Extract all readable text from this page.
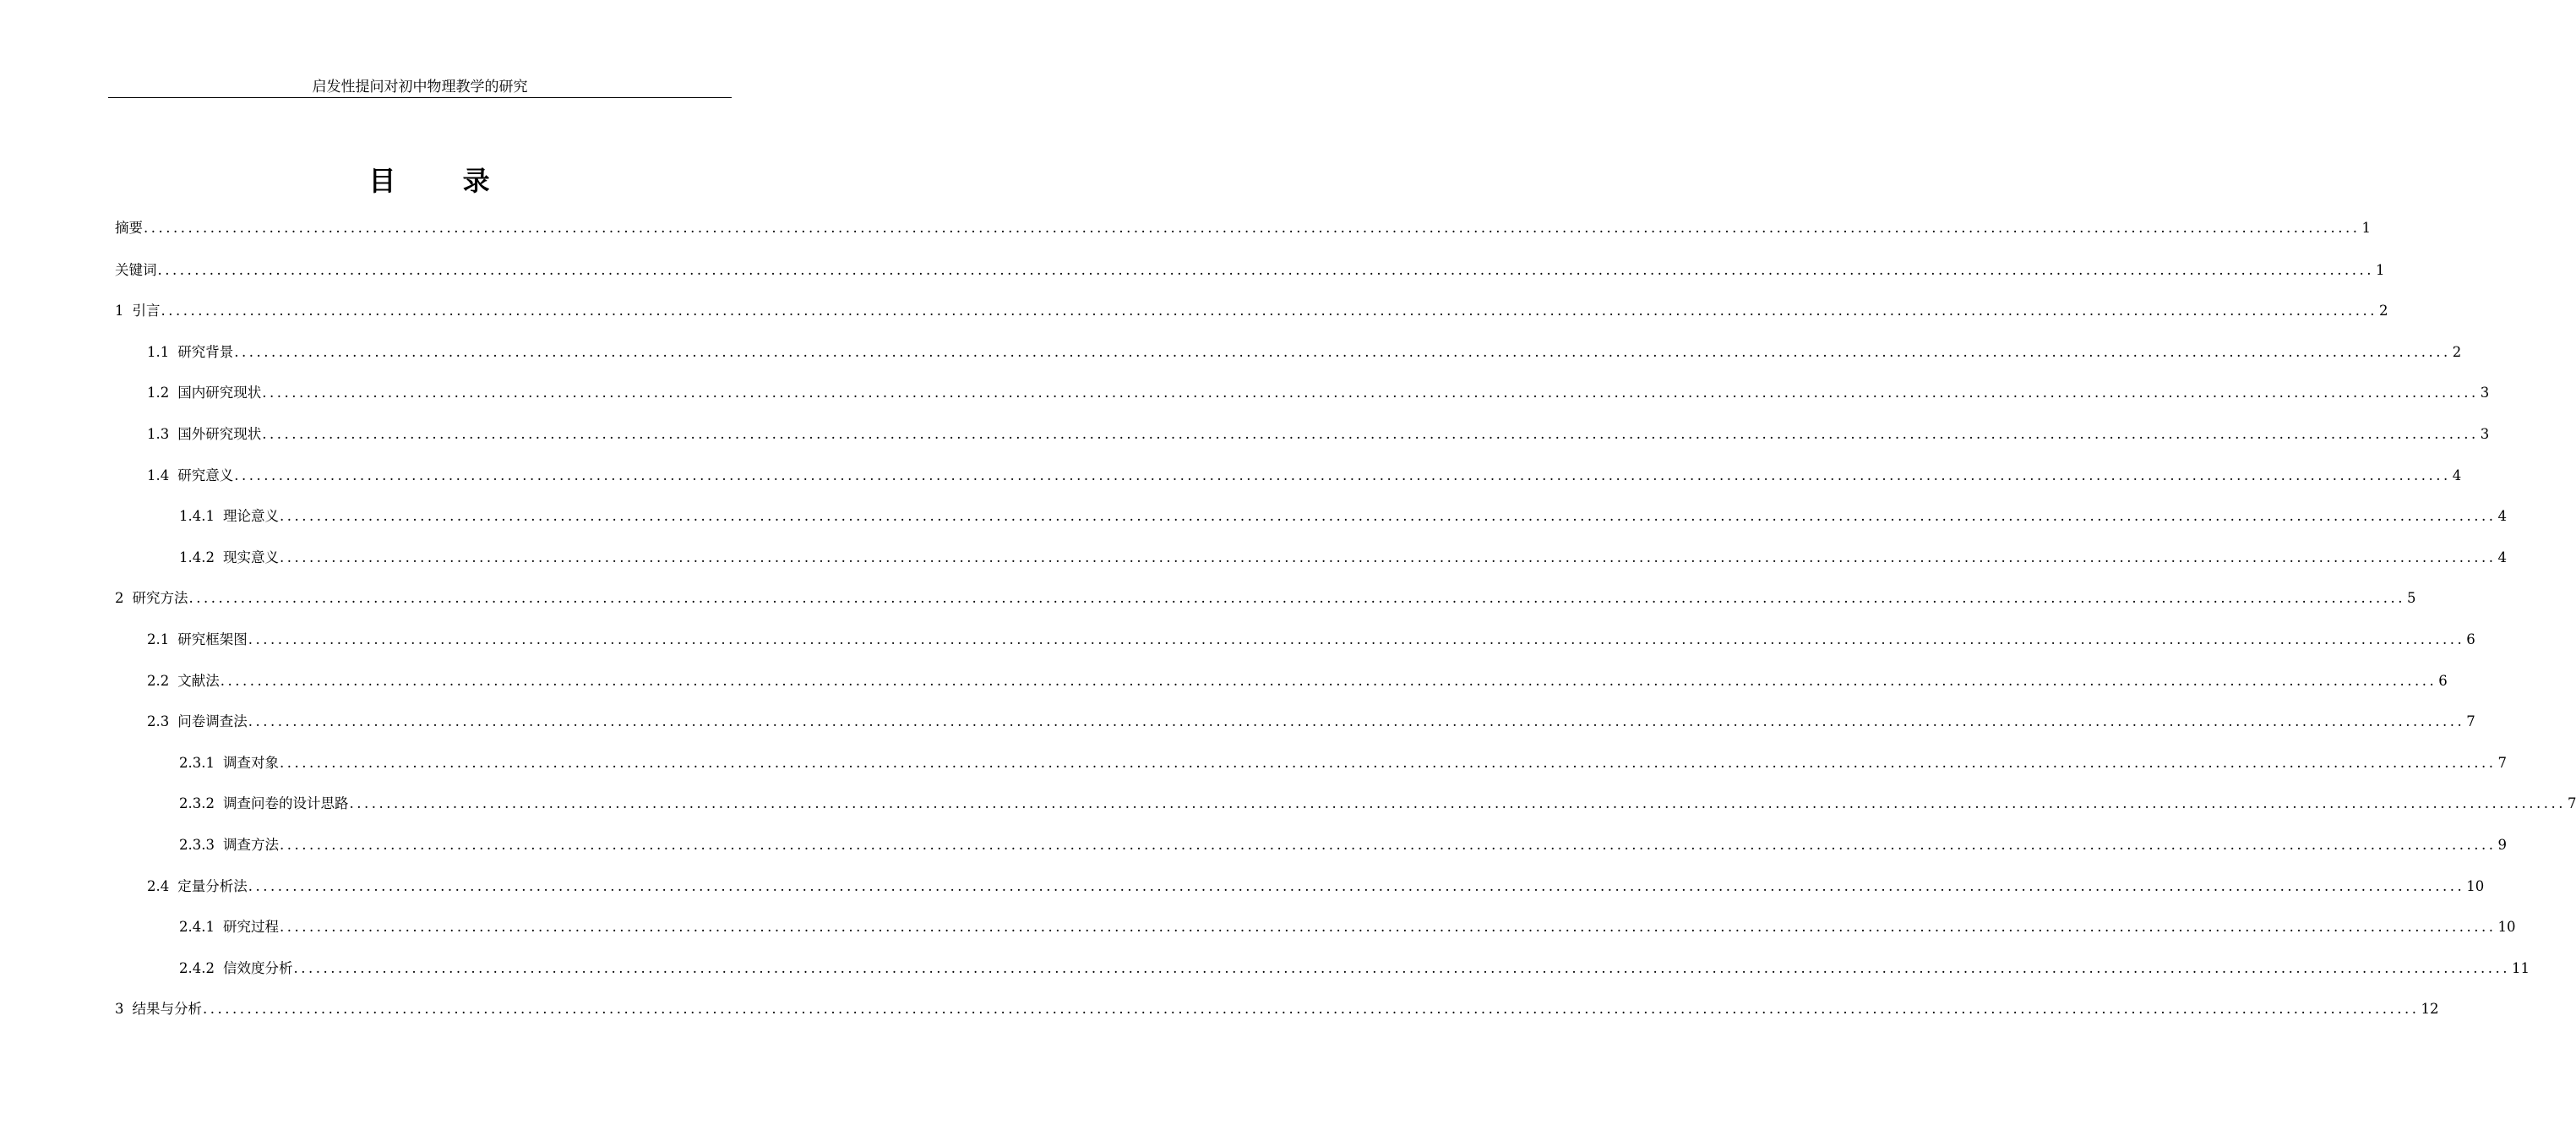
启发性提问对初中物理教学的研究
目 录
摘要 ............................................................................................................................................................................................................................................................................................................ 1
关键词 ............................................................................................................................................................................................................................................................................................................ 1
1 引言 ............................................................................................................................................................................................................................................................................................................ 2
1.1 研究背景 ............................................................................................................................................................................................................................................................................................................ 2
1.2 国内研究现状 ............................................................................................................................................................................................................................................................................................................ 3
1.3 国外研究现状 ............................................................................................................................................................................................................................................................................................................ 3
1.4 研究意义 ............................................................................................................................................................................................................................................................................................................ 4
1.4.1 理论意义 ............................................................................................................................................................................................................................................................................................................ 4
1.4.2 现实意义 ............................................................................................................................................................................................................................................................................................................ 4
2 研究方法 ............................................................................................................................................................................................................................................................................................................ 5
2.1 研究框架图 ............................................................................................................................................................................................................................................................................................................ 6
2.2 文献法 ............................................................................................................................................................................................................................................................................................................ 6
2.3 问卷调查法 ............................................................................................................................................................................................................................................................................................................ 7
2.3.1 调查对象 ............................................................................................................................................................................................................................................................................................................ 7
2.3.2 调查问卷的设计思路 ............................................................................................................................................................................................................................................................................................................ 7
2.3.3 调查方法 ............................................................................................................................................................................................................................................................................................................ 9
2.4 定量分析法 ............................................................................................................................................................................................................................................................................................................ 10
2.4.1 研究过程 ............................................................................................................................................................................................................................................................................................................ 10
2.4.2 信效度分析 ............................................................................................................................................................................................................................................................................................................ 11
3 结果与分析 ............................................................................................................................................................................................................................................................................................................ 12
